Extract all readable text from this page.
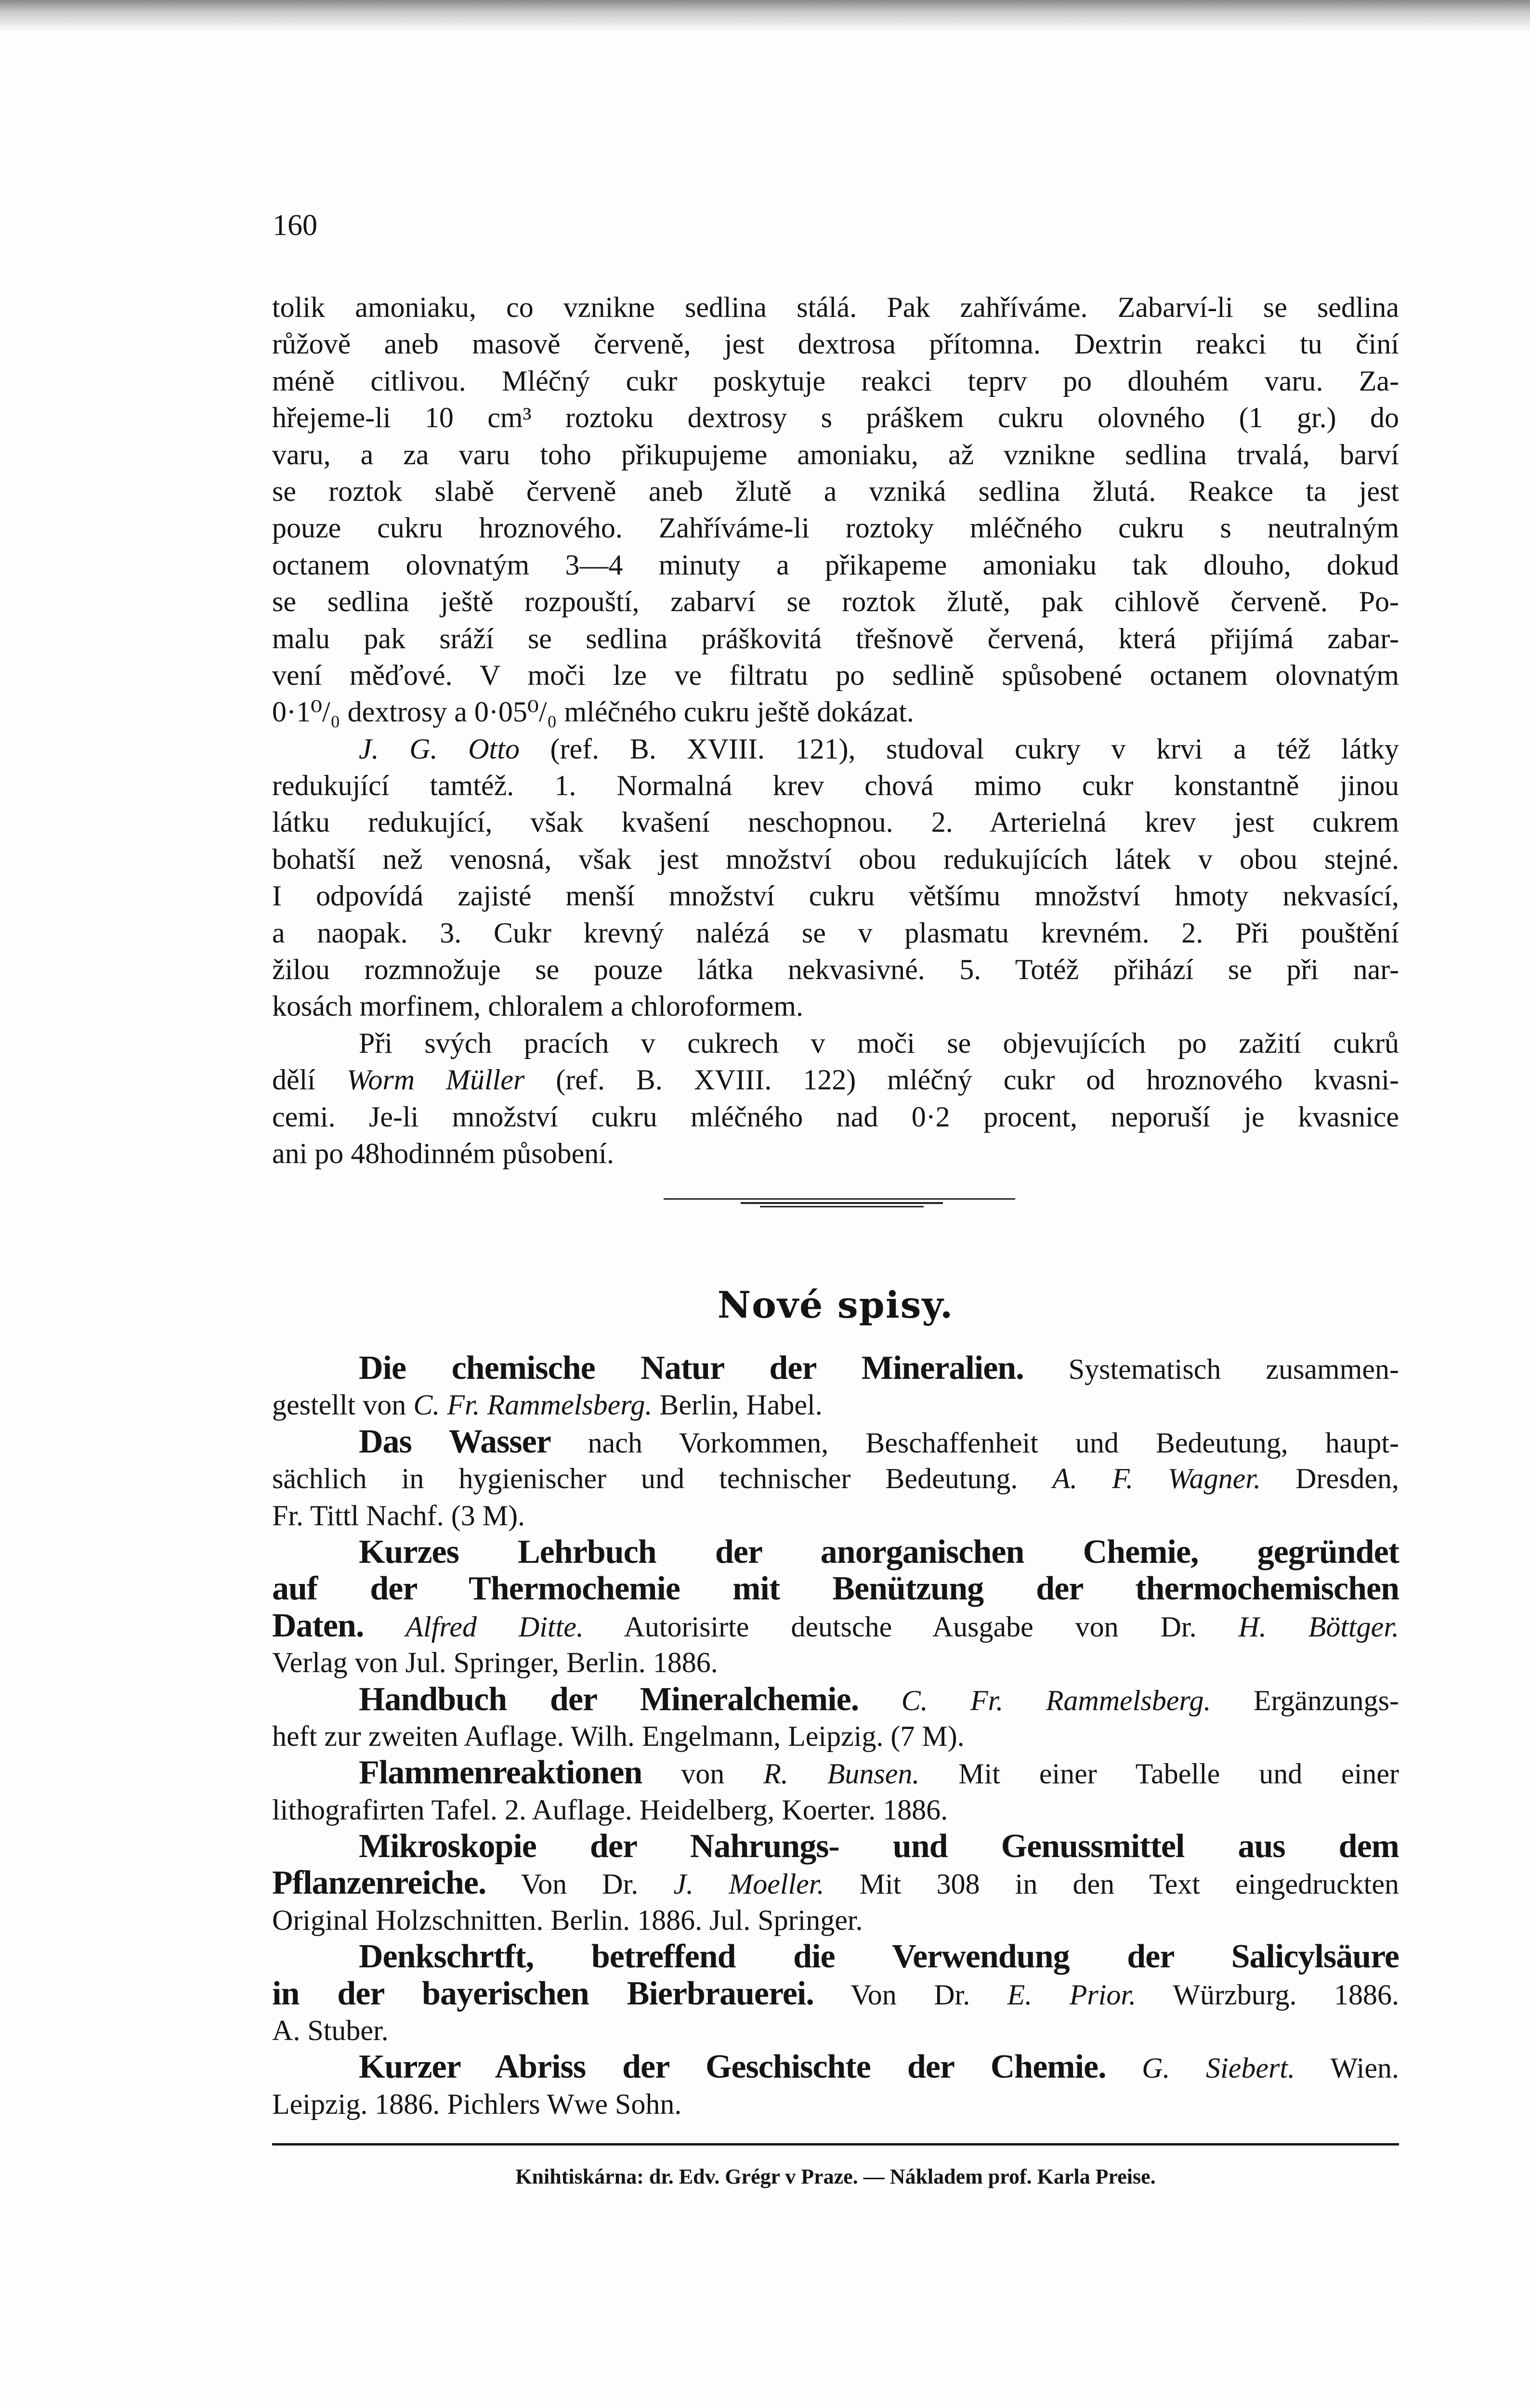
160
tolik amoniaku, co vznikne sedlina stálá. Pak zahříváme. Zabarví-li se sedlina
růžově aneb masově červeně, jest dextrosa přítomna. Dextrin reakci tu činí
méně citlivou. Mléčný cukr poskytuje reakci teprv po dlouhém varu. Za-
hřejeme-li 10 cm³ roztoku dextrosy s práškem cukru olovného (1 gr.) do
varu, a za varu toho přikupujeme amoniaku, až vznikne sedlina trvalá, barví
se roztok slabě červeně aneb žlutě a vzniká sedlina žlutá. Reakce ta jest
pouze cukru hroznového. Zahříváme-li roztoky mléčného cukru s neutralným
octanem olovnatým 3—4 minuty a přikapeme amoniaku tak dlouho, dokud
se sedlina ještě rozpouští, zabarví se roztok žlutě, pak cihlově červeně. Po-
malu pak sráží se sedlina práškovitá třešnově červená, která přijímá zabar-
vení měďové. V moči lze ve filtratu po sedlině spůsobené octanem olovnatým
0·1⁰/₀ dextrosy a 0·05⁰/₀ mléčného cukru ještě dokázat.
J. G. Otto (ref. B. XVIII. 121), studoval cukry v krvi a též látky
redukující tamtéž. 1. Normalná krev chová mimo cukr konstantně jinou
látku redukující, však kvašení neschopnou. 2. Arterielná krev jest cukrem
bohatší než venosná, však jest množství obou redukujících látek v obou stejné.
I odpovídá zajisté menší množství cukru většímu množství hmoty nekvasící,
a naopak. 3. Cukr krevný nalézá se v plasmatu krevném. 2. Při pouštění
žilou rozmnožuje se pouze látka nekvasivné. 5. Totéž přihází se při nar-
kosách morfinem, chloralem a chloroformem.
Při svých pracích v cukrech v moči se objevujících po zažití cukrů
dělí Worm Müller (ref. B. XVIII. 122) mléčný cukr od hroznového kvasni-
cemi. Je-li množství cukru mléčného nad 0·2 procent, neporuší je kvasnice
ani po 48hodinném působení.
Nové spisy.
Die chemische Natur der Mineralien. Systematisch zusammen-
gestellt von C. Fr. Rammelsberg. Berlin, Habel.
Das Wasser nach Vorkommen, Beschaffenheit und Bedeutung, haupt-
sächlich in hygienischer und technischer Bedeutung. A. F. Wagner. Dresden,
Fr. Tittl Nachf. (3 M).
Kurzes Lehrbuch der anorganischen Chemie, gegründet
auf der Thermochemie mit Benützung der thermochemischen
Daten. Alfred Ditte. Autorisirte deutsche Ausgabe von Dr. H. Böttger.
Verlag von Jul. Springer, Berlin. 1886.
Handbuch der Mineralchemie. C. Fr. Rammelsberg. Ergänzungs-
heft zur zweiten Auflage. Wilh. Engelmann, Leipzig. (7 M).
Flammenreaktionen von R. Bunsen. Mit einer Tabelle und einer
lithografirten Tafel. 2. Auflage. Heidelberg, Koerter. 1886.
Mikroskopie der Nahrungs- und Genussmittel aus dem
Pflanzenreiche. Von Dr. J. Moeller. Mit 308 in den Text eingedruckten
Original Holzschnitten. Berlin. 1886. Jul. Springer.
Denkschrtft, betreffend die Verwendung der Salicylsäure
in der bayerischen Bierbrauerei. Von Dr. E. Prior. Würzburg. 1886.
A. Stuber.
Kurzer Abriss der Geschischte der Chemie. G. Siebert. Wien.
Leipzig. 1886. Pichlers Wwe Sohn.
Knihtiskárna: dr. Edv. Grégr v Praze. — Nákladem prof. Karla Preise.
